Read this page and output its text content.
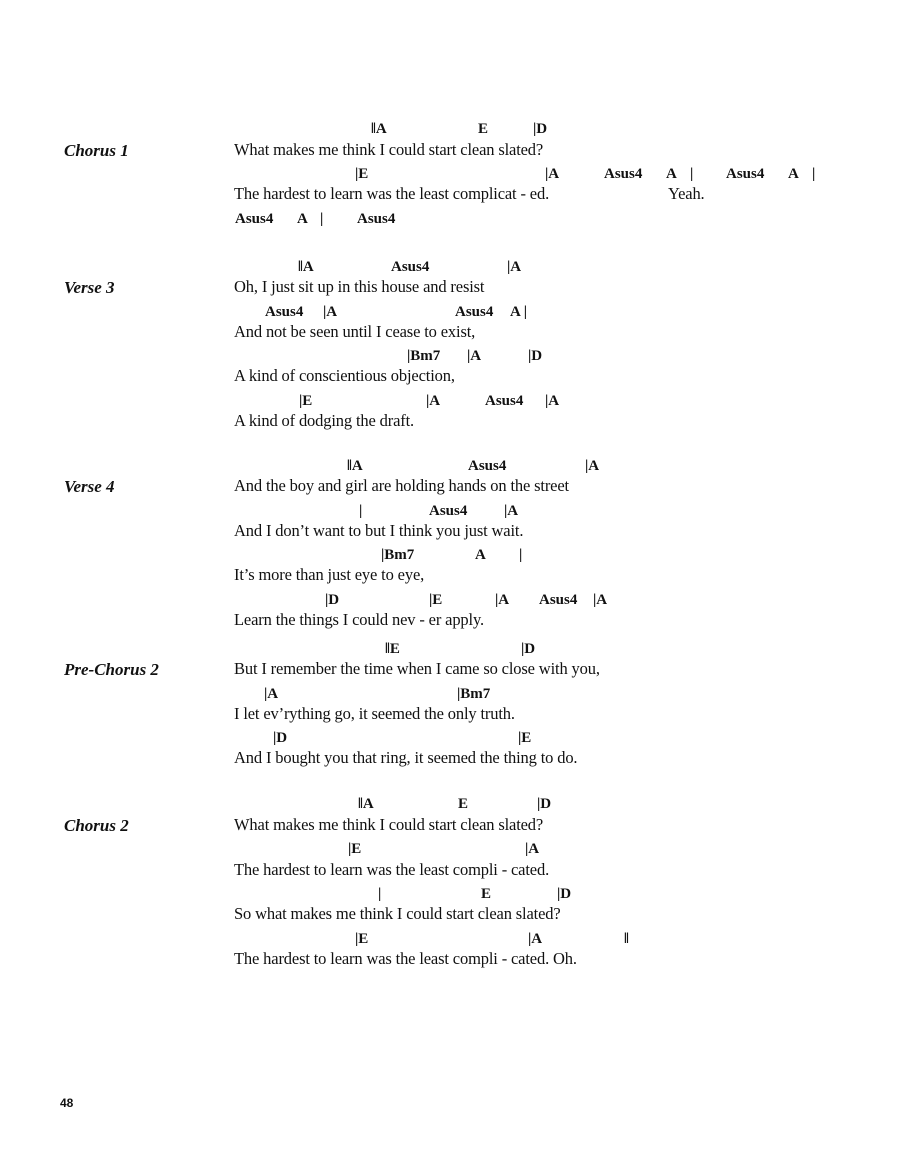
Chorus 1
‖A	E	|D
What makes me think I could start clean slated?
|E	|A	Asus4 A | Asus4 A |
The hardest to learn was the least complicat - ed.	Yeah.
Asus4 A | Asus4
Verse 3
‖A	Asus4	|A
Oh, I just sit up in this house and resist
Asus4 |A	Asus4 A |
And not be seen until I cease to exist,
|Bm7 |A	|D
A kind of conscientious objection,
|E	|A	Asus4 |A
A kind of dodging the draft.
Verse 4
‖A	Asus4	|A
And the boy and girl are holding hands on the street
|	Asus4 |A
And I don’t want to but I think you just wait.
|Bm7	A |
It’s more than just eye to eye,
|D	|E	|A Asus4 |A
Learn the things I could nev - er apply.
Pre-Chorus 2
‖E	|D
But I remember the time when I came so close with you,
|A	|Bm7
I let ev’rything go, it seemed the only truth.
|D	|E
And I bought you that ring, it seemed the thing to do.
Chorus 2
‖A	E	|D
What makes me think I could start clean slated?
|E	|A
The hardest to learn was the least compli - cated.
|	E	|D
So what makes me think I could start clean slated?
|E	|A	‖
The hardest to learn was the least compli - cated. Oh.
48
